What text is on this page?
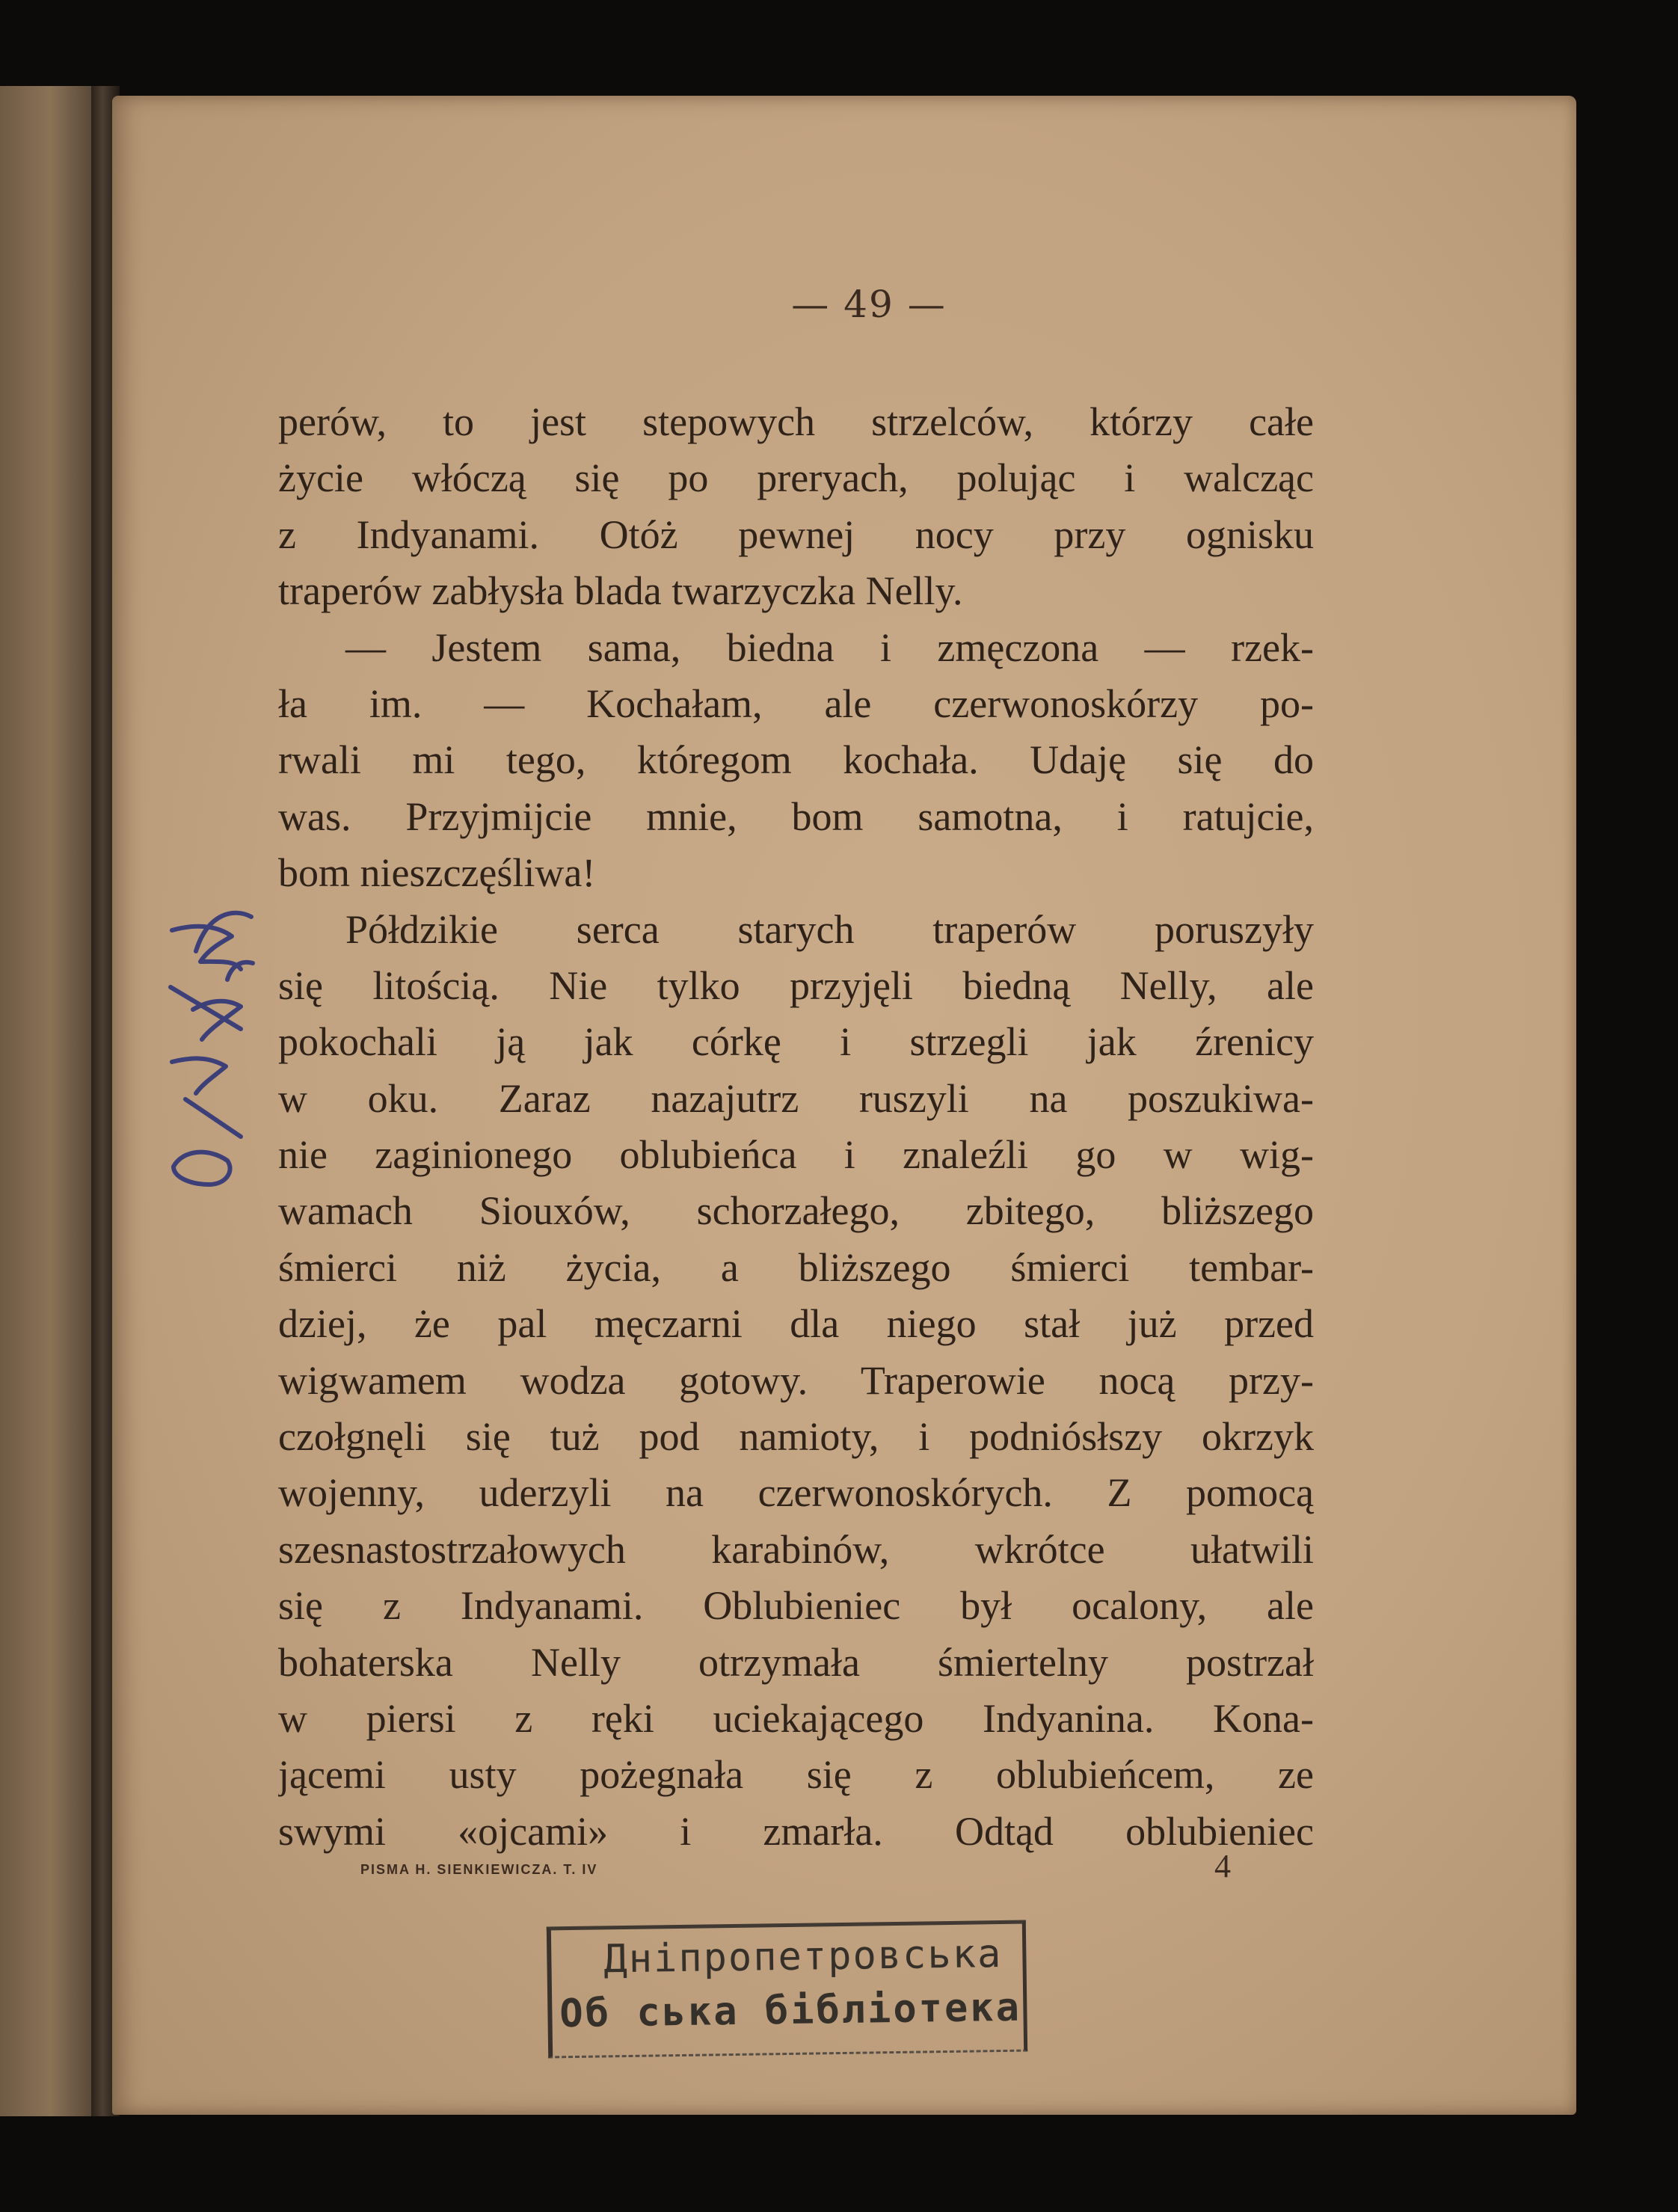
— 49 —
perów, to jest stepowych strzelców, którzy całe
życie włóczą się po preryach, polując i walcząc
z Indyanami. Otóż pewnej nocy przy ognisku
traperów zabłysła blada twarzyczka Nelly.
— Jestem sama, biedna i zmęczona — rzek-
ła im. — Kochałam, ale czerwonoskórzy po-
rwali mi tego, któregom kochała. Udaję się do
was. Przyjmijcie mnie, bom samotna, i ratujcie,
bom nieszczęśliwa!
Półdzikie serca starych traperów poruszyły
się litością. Nie tylko przyjęli biedną Nelly, ale
pokochali ją jak córkę i strzegli jak źrenicy
w oku. Zaraz nazajutrz ruszyli na poszukiwa-
nie zaginionego oblubieńca i znaleźli go w wig-
wamach Siouxów, schorzałego, zbitego, bliższego
śmierci niż życia, a bliższego śmierci tembar-
dziej, że pal męczarni dla niego stał już przed
wigwamem wodza gotowy. Traperowie nocą przy-
czołgnęli się tuż pod namioty, i podniósłszy okrzyk
wojenny, uderzyli na czerwonoskórych. Z pomocą
szesnastostrzałowych karabinów, wkrótce ułatwili
się z Indyanami. Oblubieniec był ocalony, ale
bohaterska Nelly otrzymała śmiertelny postrzał
w piersi z ręki uciekającego Indyanina. Kona-
jącemi usty pożegnała się z oblubieńcem, ze
swymi «ojcami» i zmarła. Odtąd oblubieniec
PISMA H. SIENKIEWICZA. T. IV	4
Дніпропетровська
Об ська бібліотека
